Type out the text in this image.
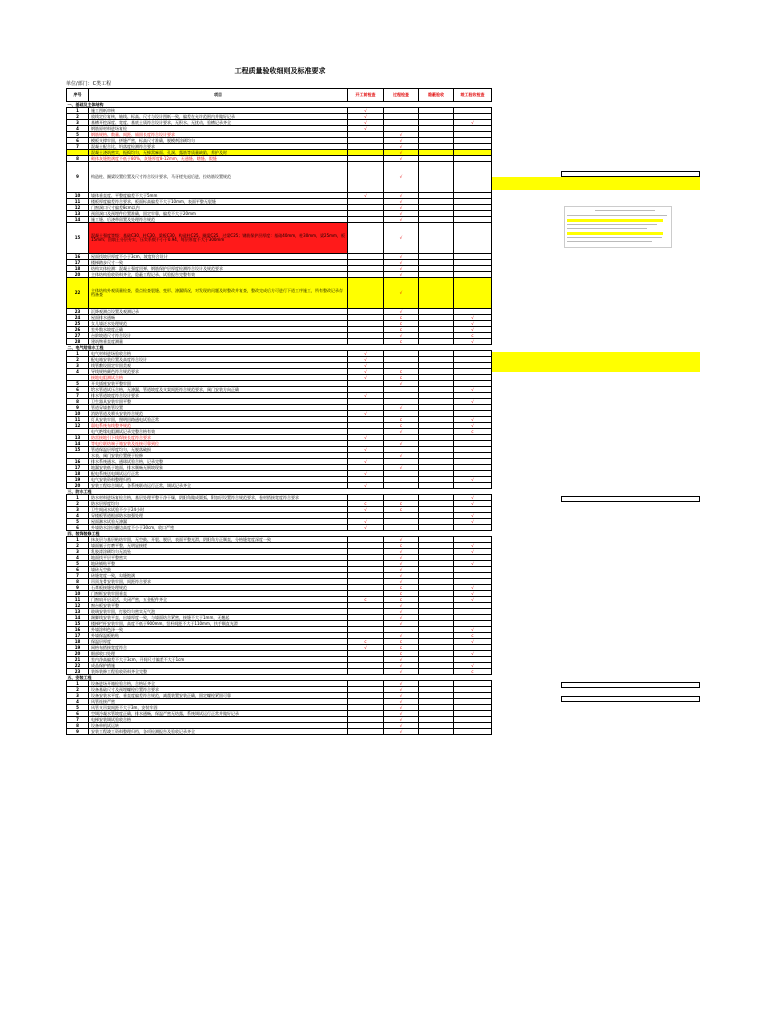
工程质量验收细则及标准要求
单位/部门：C类工程
序号	项目	开工前检查	过程检查	隐蔽验收	竣工验收检查
一、基础及主体结构					
1	施工图纸审核	√			
2	放线定位复核，轴线、标高、尺寸与设计图纸一致，偏差在允许范围内并做好记录	√			
3	基槽开挖深度、宽度、基底土质符合设计要求，无积水、无扰动，验槽记录齐全	√			√
4	钢筋原材料进场复检	√			
5	钢筋规格、数量、间距、锚固长度符合设计要求		√		
6	模板支撑牢固，拼缝严密，标高尺寸准确，脱模剂涂刷均匀		√		
7	混凝土配合比、坍落度检测符合要求		√		
	混凝土浇筑密实，振捣均匀，无蜂窝麻面、孔洞、露筋等质量缺陷，养护及时		√		
8	砌体灰缝饱满度不低于80%，灰缝厚度8-12mm，无通缝、瞎缝、假缝		√		
9	构造柱、圈梁设置位置及尺寸符合设计要求，马牙槎先退后进，拉结筋设置规范		√		
10	墙体垂直度、平整度偏差不大于5mm	√	√		
11	楼板厚度偏差符合要求，板面标高偏差不大于10mm，表面平整无裂缝		√		
12	门窗洞口尺寸偏差8cm以内		√		
13	预留洞口及预埋件位置准确，固定牢靠，偏差不大于20mm		√		
14	施工缝、后浇带留置及处理符合规范		√		
15	混凝土强度等级：基础C30，柱C30，梁板C30，构造柱C25，圈梁C25，过梁C25；钢筋保护层厚度：基础40mm，柱30mm，梁25mm，板15mm；回填土分层夯实，压实系数不小于0.94，每层厚度不大于300mm		√		
16	屋面找坡层厚度不小于3cm，坡度符合设计		√		
17	楼梯踏步尺寸一致		√		
18	结构实体检测：混凝土强度回弹、钢筋保护层厚度检测符合设计及规范要求		√		
20	主体结构验收资料齐全，隐蔽工程记录、试验报告完整有效		√		
22	主体结构外观质量检查，重点检查裂缝、变形、渗漏情况，对发现的问题及时整改并复查，整改完成后方可进行下道工序施工，所有整改记录存档备查		√		
23	沉降观测点设置及观测记录		√		
24	屋面排水通畅		c		√
25	女儿墙泛水处理规范		c		√
26	室外散水坡度正确		c		√
27	台阶坡道尺寸符合设计		√		c
28	建筑物垂直度测量		c		√
二、电气给排水工程					
1	电气材料进场验收合格	√			
2	配电箱安装位置及高度符合设计	√			
3	线管敷设固定牢固美观	√			
4	导线规格颜色符合规范要求	√	c		
	接地电阻测试合格	√	c		
5	开关插座安装平整牢固		√		
6	给水管道试压合格，无渗漏，管道坡度及支架间距符合规范要求，阀门安装方向正确				√
7	排水管道坡度符合设计要求	√			
8	卫生器具安装牢固平整				√
9	管道穿墙套管设置		√		
10	消防管道及喷头安装符合规范	√			
11	灯具安装牢固，照明回路通电试验正常		c		√
12	弱电系统布线整齐规范		c		√
	电气绝缘电阻测试记录完整合格有效		√		c
13	防雷接地引下线焊接长度符合要求	√			
14	等电位联结端子箱安装及连接可靠到位		√		
15	管道保温层厚度均匀，无脱落破损	√			
	水表、阀门安装位置便于检修		√		
16	排水系统通水、通球试验合格，记录完整	√			
17	地漏安装低于地面，排水顺畅无倒坡现象		√		
18	配电系统送电调试运行正常	√			
19	电气安装资料整理归档				√
20	安装工程综合调试，各系统联动运行正常，调试记录齐全	√			
三、防水工程					
1	防水材料进场复检合格，基层处理平整干净干燥，阴阳角做成圆弧，附加层设置符合规范要求，卷材搭接宽度符合要求				√
2	防水层厚度均匀	c	c		√
3	卫生间闭水试验不少于24小时	√	c		
4	穿楼板管道根部防水加强处理				√
5	屋面淋水试验无渗漏	√			√
6	外墙防水涂层翻边高度不小于30cm，收口严密	√			
四、装饰装修工程					
1	抹灰层与基层粘结牢固，无空鼓、开裂、脱层，表面平整光滑，阴阳角方正顺直，分格缝宽度深度一致		√		
2	墙面腻子打磨平整，无明显接槎		c		√
3	乳胶漆涂刷均匀无流坠		√		√
4	地面找平层平整密实		√		
5	地砖铺贴平整		√		√
6	墙砖无空鼓		√		
7	砖缝宽度一致，勾缝饱满		√		
8	吊顶龙骨安装牢固，间距符合要求		√		
9	石膏板接缝处理规范		c		√
10	门窗框安装牢固垂直		c		√
11	门窗扇开启灵活，关闭严密，五金配件齐全	c	c		√
12	窗台板安装平整		√		
13	玻璃安装牢固，打胶均匀密实无气泡		√		
14	踢脚线安装平直，出墙厚度一致，与墙面结合紧密，接缝不大于1mm，无翘起		√		
15	楼梯栏杆安装牢固，高度不低于900mm，竖杆间距不大于110mm，扶手顺直光滑		√		
16	外墙涂料色泽一致				√
17	外墙保温板粘贴		√		c
18	保温层厚度	c	c		√
19	网格布搭接宽度符合	√	c		
20	细部收口处理		c		√
21	室内净高偏差不大于3cm，开间尺寸偏差不大于1cm		√		
22	成品保护措施		√		√
23	装饰装修工程验收资料齐全完整		√		c
五、安装工程					
1	设备进场开箱检验合格，合格证齐全		√		
2	设备基础尺寸及预埋螺栓位置符合要求		√		
3	设备安装水平度、垂直度偏差符合规范，减震装置安装正确，固定螺栓紧固可靠		√		
4	风管连接严密		√		
5	风管支吊架间距不大于3m，安装牢固		√		
6	空调冷凝水管坡度正确，排水通畅，保温严密无结露，系统调试运行正常并做好记录		√		
7	电梯安装调试验收合格		√		
8	设备单机试运转		√		
9	安装工程竣工资料整理归档，各项检测报告及验收记录齐全		√		
